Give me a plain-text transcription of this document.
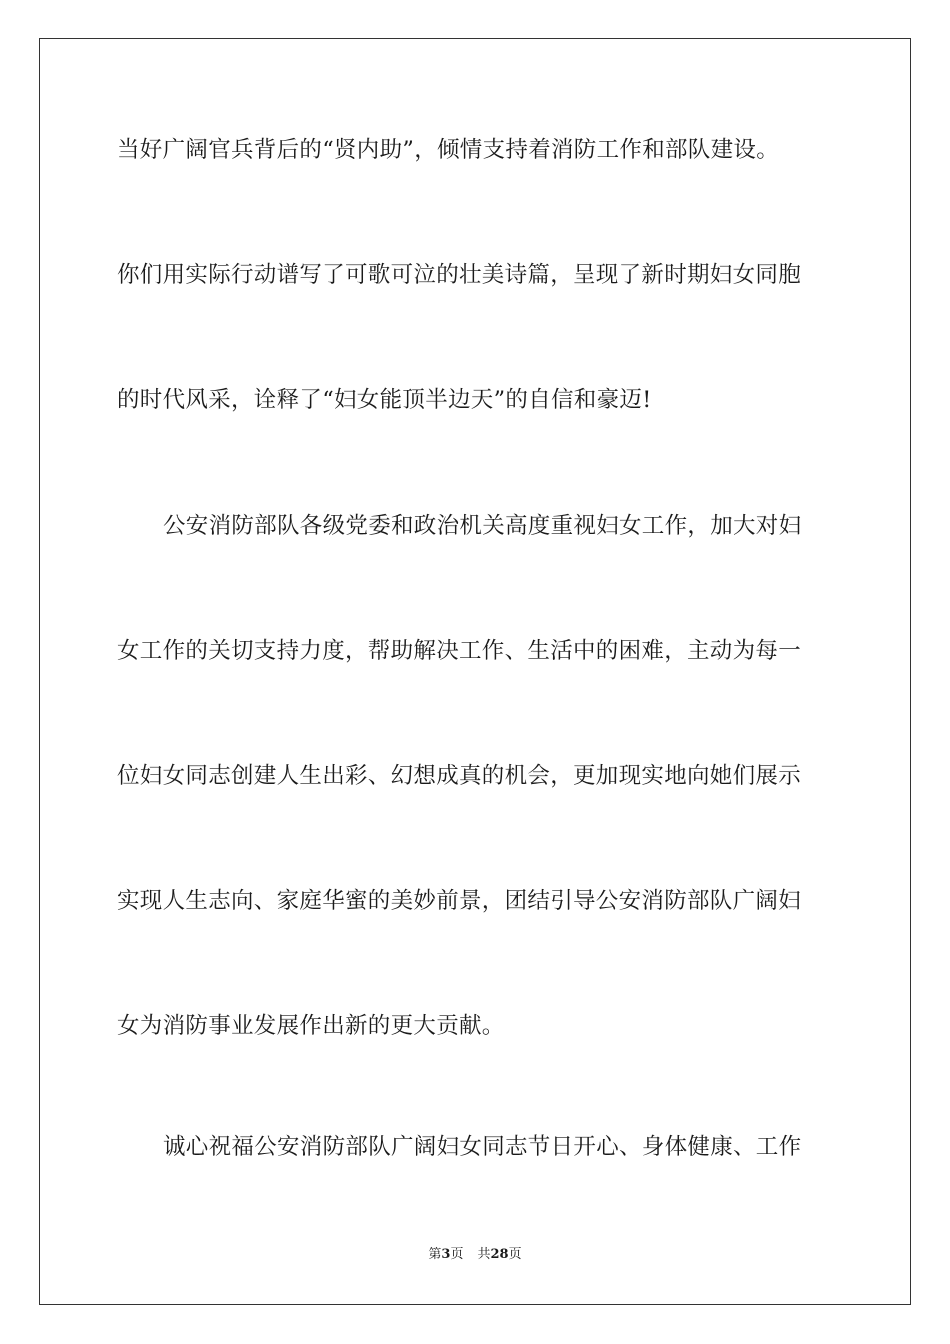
当好广阔官兵背后的“贤内助”，倾情支持着消防工作和部队建设。
你们用实际行动谱写了可歌可泣的壮美诗篇，呈现了新时期妇女同胞
的时代风采，诠释了“妇女能顶半边天”的自信和豪迈!
公安消防部队各级党委和政治机关高度重视妇女工作，加大对妇
女工作的关切支持力度，帮助解决工作、生活中的困难，主动为每一
位妇女同志创建人生出彩、幻想成真的机会，更加现实地向她们展示
实现人生志向、家庭华蜜的美妙前景，团结引导公安消防部队广阔妇
女为消防事业发展作出新的更大贡献。
诚心祝福公安消防部队广阔妇女同志节日开心、身体健康、工作
第3页 共28页
